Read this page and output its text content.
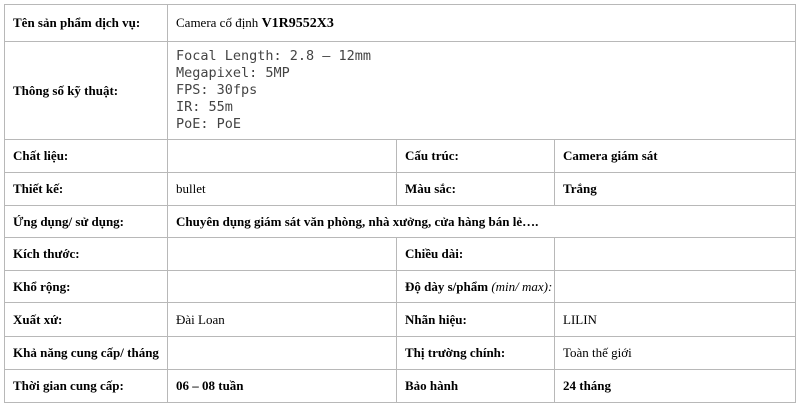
Tên sản phẩm dịch vụ:	Camera cố định V1R9552X3		
Thông số kỹ thuật:	Focal Length: 2.8 – 12mm
Megapixel: 5MP
FPS: 30fps
IR: 55m
PoE: PoE		

Chất liệu:		Cấu trúc:	Camera giám sát
Thiết kế:	bullet	Màu sắc:	Trắng
Ứng dụng/ sử dụng:	Chuyên dụng giám sát văn phòng, nhà xưởng, cửa hàng bán lẻ….		
Kích thước:		Chiều dài:	
Khổ rộng:		Độ dày s/phẩm (min/ max):	
Xuất xứ:	Đài Loan	Nhãn hiệu:	LILIN
Khả năng cung cấp/ tháng		Thị trường chính:	Toàn thế giới
Thời gian cung cấp:	06 – 08 tuần	Bảo hành	24 tháng
